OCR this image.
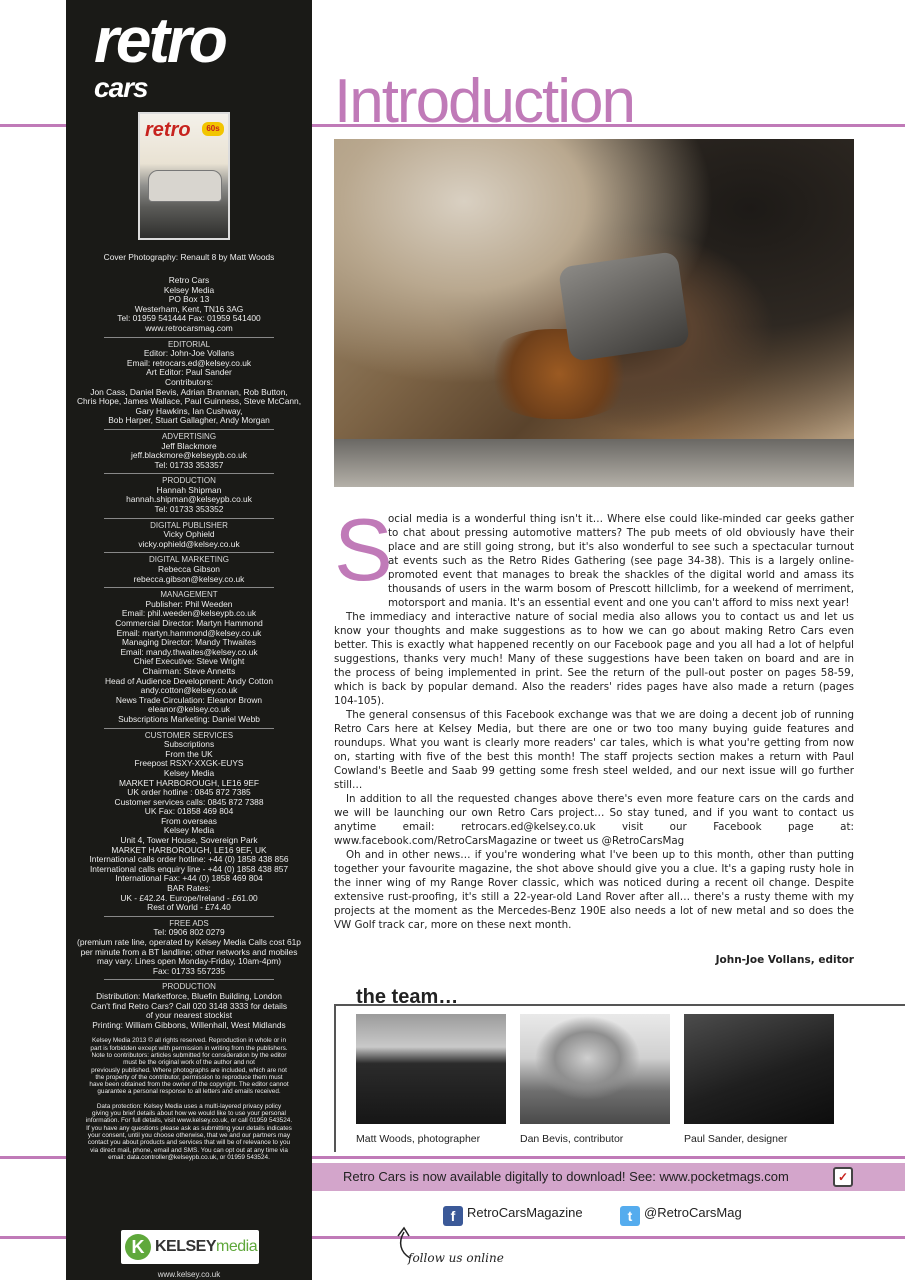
retro
cars
retro	60s

Cover Photography: Renault 8 by Matt Woods

Retro Cars

Kelsey Media

PO Box 13

Westerham, Kent, TN16 3AG

Tel: 01959 541444 Fax: 01959 541400

www.retrocarsmag.com

EDITORIAL

Editor: John-Joe Vollans

Email: retrocars.ed@kelsey.co.uk

Art Editor: Paul Sander

Contributors:

Jon Cass, Daniel Bevis, Adrian Brannan, Rob Button,

Chris Hope, James Wallace, Paul Guinness, Steve McCann,

Gary Hawkins, Ian Cushway,

Bob Harper, Stuart Gallagher, Andy Morgan

ADVERTISING

Jeff Blackmore

jeff.blackmore@kelseypb.co.uk

Tel: 01733 353357

PRODUCTION

Hannah Shipman

hannah.shipman@kelseypb.co.uk

Tel: 01733 353352

DIGITAL PUBLISHER

Vicky Ophield

vicky.ophield@kelsey.co.uk

DIGITAL MARKETING

Rebecca Gibson

rebecca.gibson@kelsey.co.uk

MANAGEMENT

Publisher: Phil Weeden

Email: phil.weeden@kelseypb.co.uk

Commercial Director: Martyn Hammond

Email: martyn.hammond@kelsey.co.uk

Managing Director: Mandy Thwaites

Email: mandy.thwaites@kelsey.co.uk

Chief Executive: Steve Wright

Chairman: Steve Annetts

Head of Audience Development: Andy Cotton

andy.cotton@kelsey.co.uk

News Trade Circulation: Eleanor Brown

eleanor@kelsey.co.uk

Subscriptions Marketing: Daniel Webb

CUSTOMER SERVICES

Subscriptions

From the UK

Freepost RSXY-XXGK-EUYS

Kelsey Media

MARKET HARBOROUGH, LE16 9EF

UK order hotline : 0845 872 7385

Customer services calls: 0845 872 7388

UK Fax: 01858 469 804

From overseas

Kelsey Media

Unit 4, Tower House, Sovereign Park

MARKET HARBOROUGH, LE16 9EF, UK

International calls order hotline: +44 (0) 1858 438 856

International calls enquiry line - +44 (0) 1858 438 857

International Fax: +44 (0) 1858 469 804

BAR Rates:

UK - £42.24. Europe/Ireland - £61.00

Rest of World - £74.40

FREE ADS

Tel: 0906 802 0279

(premium rate line, operated by Kelsey Media Calls cost 61p

per minute from a BT landline; other networks and mobiles

may vary. Lines open Monday-Friday, 10am-4pm)

Fax: 01733 557235

PRODUCTION

Distribution: Marketforce, Bluefin Building, London

Can't find Retro Cars? Call 020 3148 3333 for details

of your nearest stockist

Printing: William Gibbons, Willenhall, West Midlands

Kelsey Media 2013 © all rights reserved. Reproduction in whole or in

part is forbidden except with permission in writing from the publishers.

Note to contributors: articles submitted for consideration by the editor

must be the original work of the author and not

previously published. Where photographs are included, which are not

the property of the contributor, permission to reproduce them must

have been obtained from the owner of the copyright. The editor cannot

guarantee a personal response to all letters and emails received.

Data protection: Kelsey Media uses a multi-layered privacy policy

giving you brief details about how we would like to use your personal

information. For full details, visit www.kelsey.co.uk, or call 01959 543524.

If you have any questions please ask as submitting your details indicates

your consent, until you choose otherwise, that we and our partners may

contact you about products and services that will be of relevance to you

via direct mail, phone, email and SMS. You can opt out at any time via

email: data.controller@kelseypb.co.uk, or 01959 543524.

K KELSEYmedia
www.kelsey.co.uk
Introduction
S

ocial media is a wonderful thing isn't it… Where else could like-minded car geeks gather to chat about pressing automotive matters? The pub meets of old obviously have their place and are still going strong, but it's also wonderful to see such a spectacular turnout at events such as the Retro Rides Gathering (see page 34-38). This is a largely online-promoted event that manages to break the shackles of the digital world and amass its thousands of users in the warm bosom of Prescott hillclimb, for a weekend of merriment, motorsport and mania. It's an essential event and one you can't afford to miss next year!

The immediacy and interactive nature of social media also allows you to contact us and let us know your thoughts and make suggestions as to how we can go about making Retro Cars even better. This is exactly what happened recently on our Facebook page and you all had a lot of helpful suggestions, thanks very much! Many of these suggestions have been taken on board and are in the process of being implemented in print. See the return of the pull-out poster on pages 58-59, which is back by popular demand. Also the readers' rides pages have also made a return (pages 104-105).

The general consensus of this Facebook exchange was that we are doing a decent job of running Retro Cars here at Kelsey Media, but there are one or two too many buying guide features and roundups. What you want is clearly more readers' car tales, which is what you're getting from now on, starting with five of the best this month! The staff projects section makes a return with Paul Cowland's Beetle and Saab 99 getting some fresh steel welded, and our next issue will go further still…

In addition to all the requested changes above there's even more feature cars on the cards and we will be launching our own Retro Cars project… So stay tuned, and if you want to contact us anytime email: retrocars.ed@kelsey.co.uk visit our Facebook page at: www.facebook.com/RetroCarsMagazine or tweet us @RetroCarsMag

Oh and in other news… if you're wondering what I've been up to this month, other than putting together your favourite magazine, the shot above should give you a clue. It's a gaping rusty hole in the inner wing of my Range Rover classic, which was noticed during a recent oil change. Despite extensive rust-proofing, it's still a 22-year-old Land Rover after all… there's a rusty theme with my projects at the moment as the Mercedes-Benz 190E also needs a lot of new metal and so does the VW Golf track car, more on these next month.

John-Joe Vollans, editor
the team…
Matt Woods, photographer	Dan Bevis, contributor	Paul Sander, designer
Retro Cars is now available digitally to download! See: www.pocketmags.com	✓
f RetroCarsMagazine	t @RetroCarsMag
follow us online
